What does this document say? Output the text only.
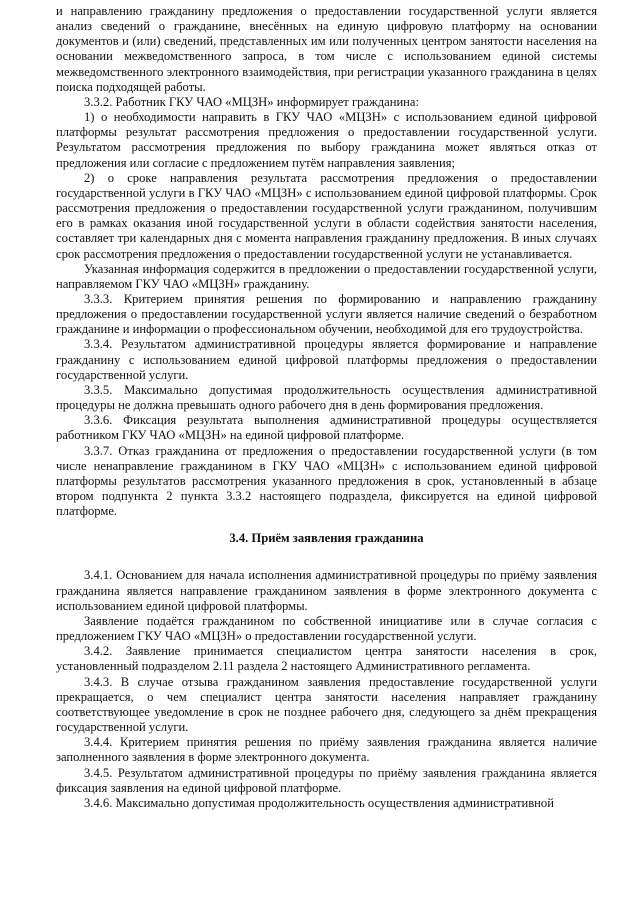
и направлению гражданину предложения о предоставлении государственной услуги является анализ сведений о гражданине, внесённых на единую цифровую платформу на основании документов и (или) сведений, представленных им или полученных центром занятости населения на основании межведомственного запроса, в том числе с использованием единой системы межведомственного электронного взаимодействия, при регистрации указанного гражданина в целях поиска подходящей работы.

3.3.2. Работник ГКУ ЧАО «МЦЗН» информирует гражданина:

1) о необходимости направить в ГКУ ЧАО «МЦЗН» с использованием единой цифровой платформы результат рассмотрения предложения о предоставлении государственной услуги. Результатом рассмотрения предложения по выбору гражданина может являться отказ от предложения или согласие с предложением путём направления заявления;

2) о сроке направления результата рассмотрения предложения о предоставлении государственной услуги в ГКУ ЧАО «МЦЗН» с использованием единой цифровой платформы. Срок рассмотрения предложения о предоставлении государственной услуги гражданином, получившим его в рамках оказания иной государственной услуги в области содействия занятости населения, составляет три календарных дня с момента направления гражданину предложения. В иных случаях срок рассмотрения предложения о предоставлении государственной услуги не устанавливается.

Указанная информация содержится в предложении о предоставлении государственной услуги, направляемом ГКУ ЧАО «МЦЗН» гражданину.

3.3.3. Критерием принятия решения по формированию и направлению гражданину предложения о предоставлении государственной услуги является наличие сведений о безработном гражданине и информации о профессиональном обучении, необходимой для его трудоустройства.

3.3.4. Результатом административной процедуры является формирование и направление гражданину с использованием единой цифровой платформы предложения о предоставлении государственной услуги.

3.3.5. Максимально допустимая продолжительность осуществления административной процедуры не должна превышать одного рабочего дня в день формирования предложения.

3.3.6. Фиксация результата выполнения административной процедуры осуществляется работником ГКУ ЧАО «МЦЗН» на единой цифровой платформе.

3.3.7. Отказ гражданина от предложения о предоставлении государственной услуги (в том числе ненаправление гражданином в ГКУ ЧАО «МЦЗН» с использованием единой цифровой платформы результатов рассмотрения указанного предложения в срок, установленный в абзаце втором подпункта 2 пункта 3.3.2 настоящего подраздела, фиксируется на единой цифровой платформе.

3.4. Приём заявления гражданина

3.4.1. Основанием для начала исполнения административной процедуры по приёму заявления гражданина является направление гражданином заявления в форме электронного документа с использованием единой цифровой платформы.

Заявление подаётся гражданином по собственной инициативе или в случае согласия с предложением ГКУ ЧАО «МЦЗН» о предоставлении государственной услуги.

3.4.2. Заявление принимается специалистом центра занятости населения в срок, установленный подразделом 2.11 раздела 2 настоящего Административного регламента.

3.4.3. В случае отзыва гражданином заявления предоставление государственной услуги прекращается, о чем специалист центра занятости населения направляет гражданину соответствующее уведомление в срок не позднее рабочего дня, следующего за днём прекращения государственной услуги.

3.4.4. Критерием принятия решения по приёму заявления гражданина является наличие заполненного заявления в форме электронного документа.

3.4.5. Результатом административной процедуры по приёму заявления гражданина является фиксация заявления на единой цифровой платформе.

3.4.6. Максимально допустимая продолжительность осуществления административной
